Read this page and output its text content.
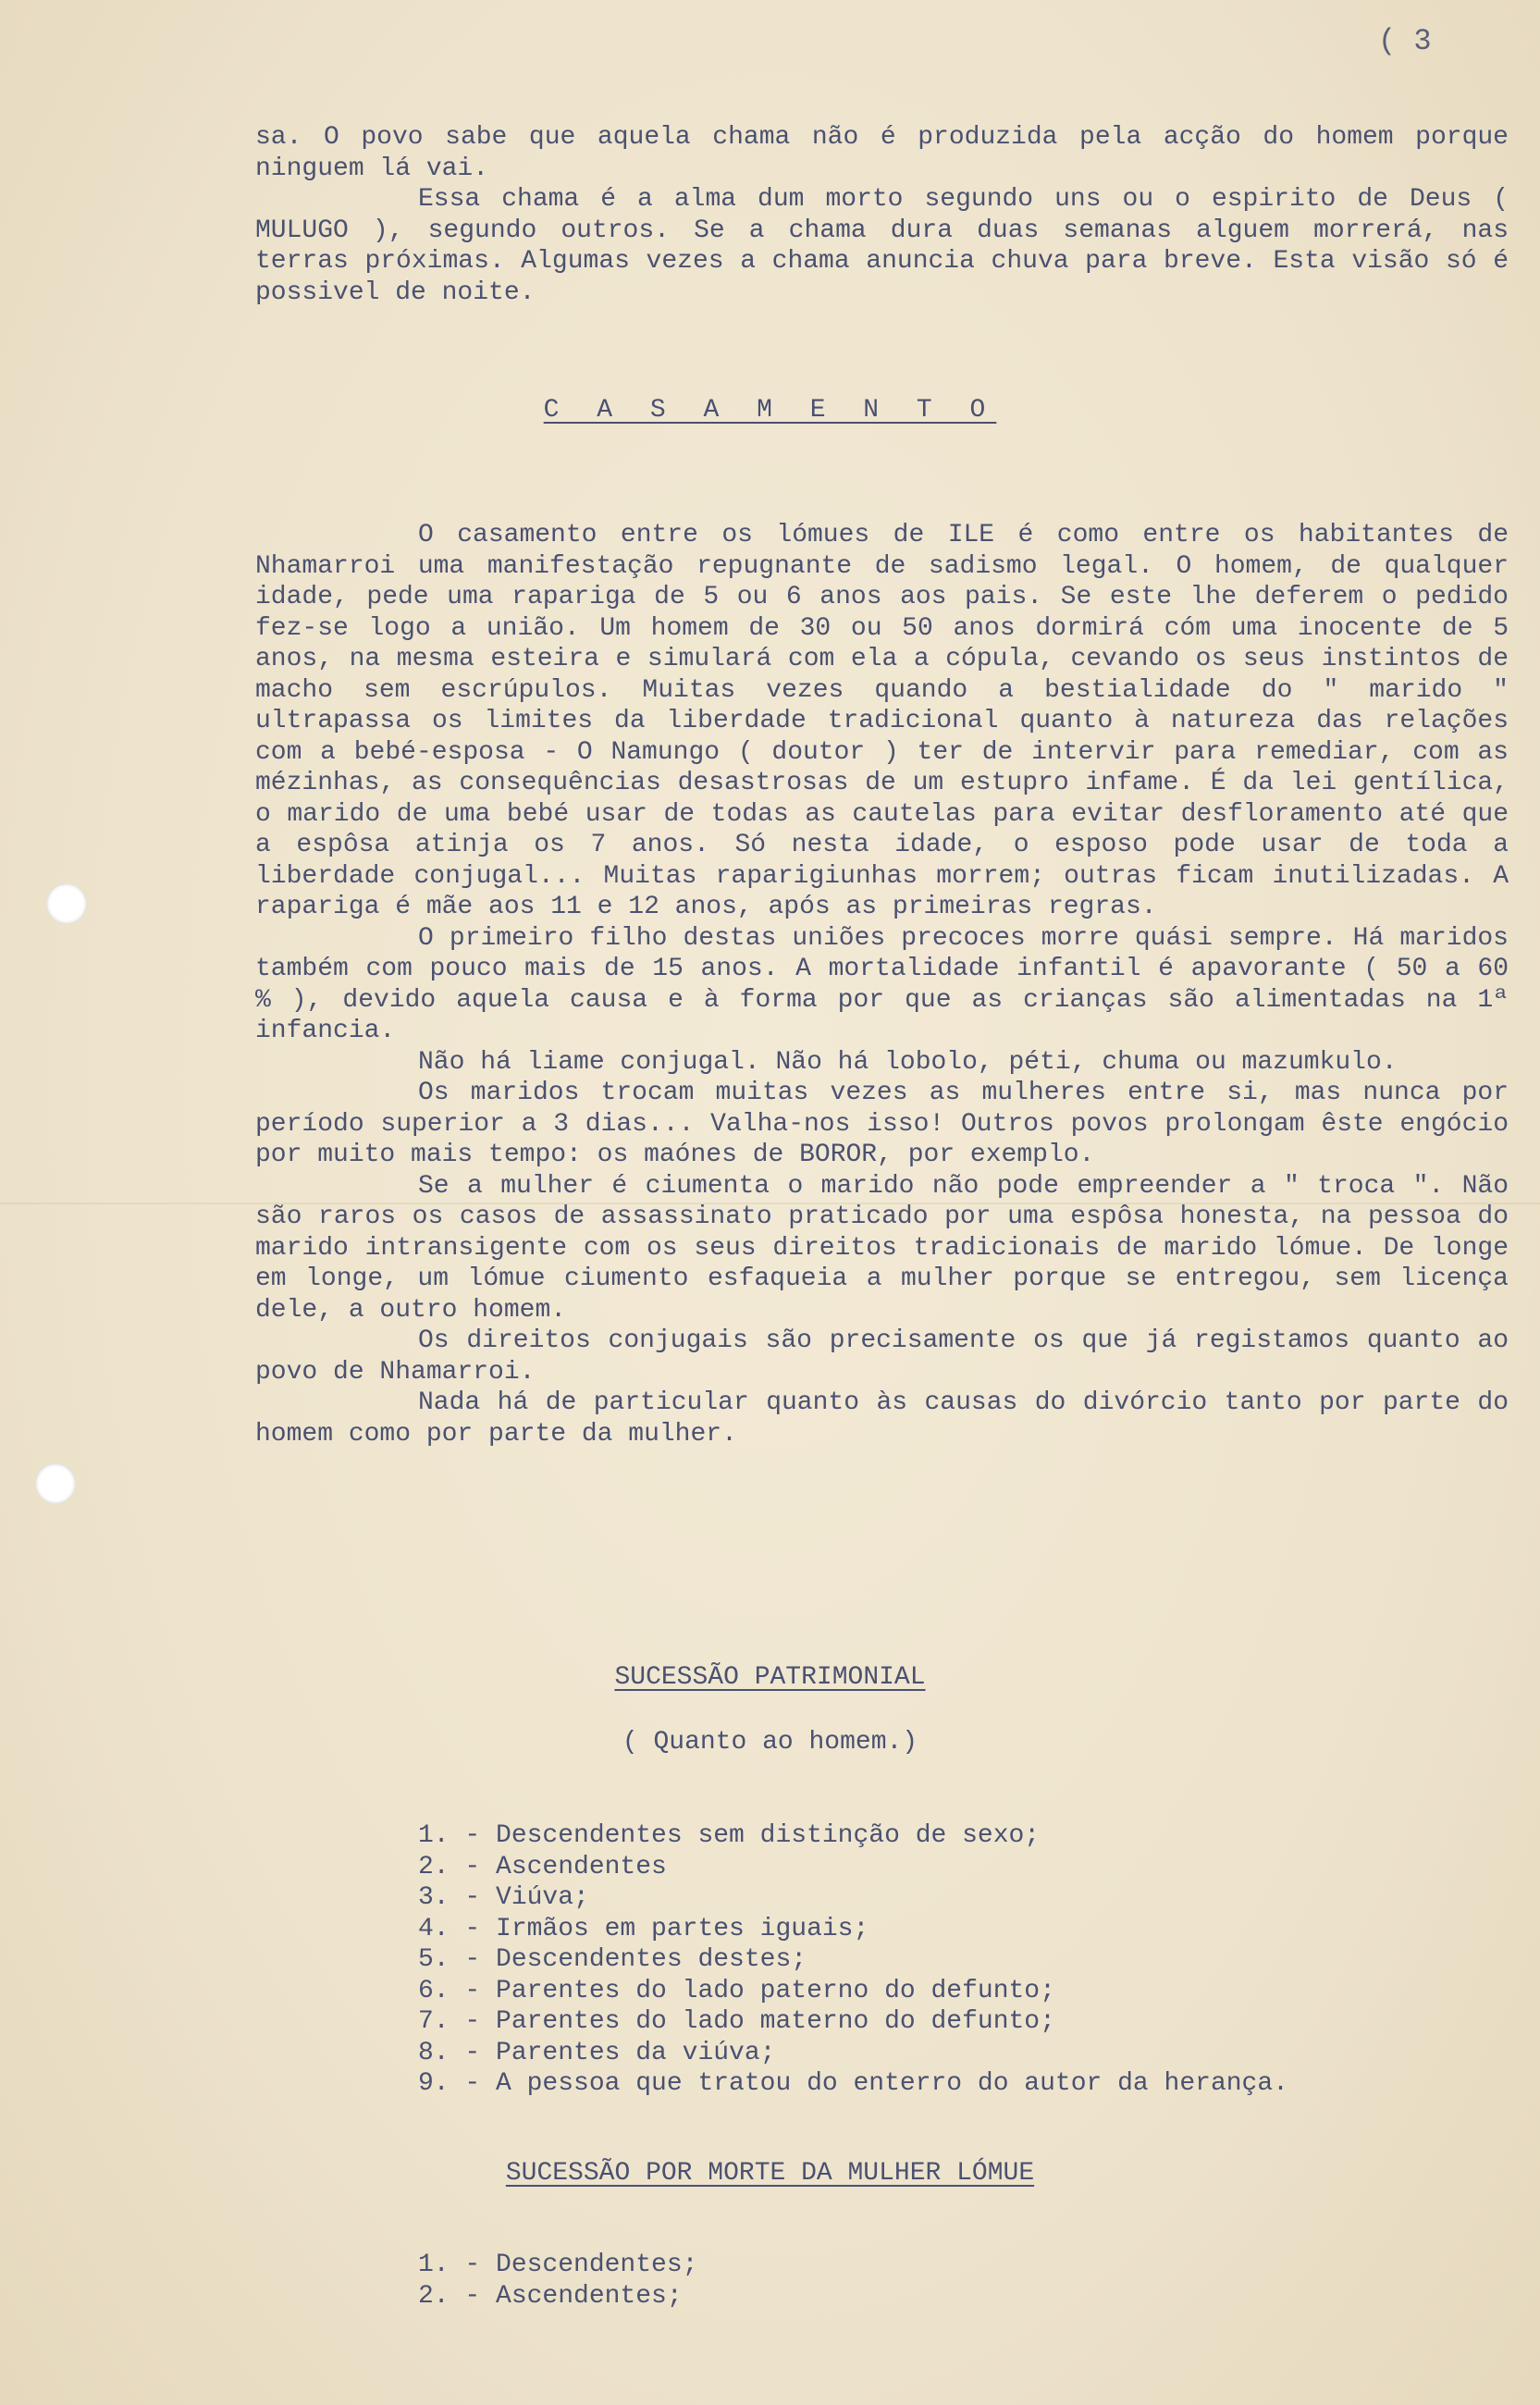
( 3

sa. O povo sabe que aquela chama não é produzida pela acção do homem porque ninguem lá vai.

Essa chama é a alma dum morto segundo uns ou o espirito de Deus ( MULUGO ), segundo outros. Se a chama dura duas semanas alguem morrerá, nas terras próximas. Algumas vezes a chama anuncia chuva para breve. Esta visão só é possivel de noite.

C A S A M E N T O

O casamento entre os lómues de ILE é como entre os habitantes de Nhamarroi uma manifestação repugnante de sadismo legal. O homem, de qualquer idade, pede uma rapariga de 5 ou 6 anos aos pais. Se este lhe deferem o pedido fez-se logo a união. Um homem de 30 ou 50 anos dormirá cóm uma inocente de 5 anos, na mesma esteira e simulará com ela a cópula, cevando os seus instintos de macho sem escrúpulos. Muitas vezes quando a bestialidade do " marido " ultrapassa os limites da liberdade tradicional quanto à natureza das relações com a bebé-esposa - O Namungo ( doutor ) ter de intervir para remediar, com as mézinhas, as consequências desastrosas de um estupro infame. É da lei gentílica, o marido de uma bebé usar de todas as cautelas para evitar desfloramento até que a espôsa atinja os 7 anos. Só nesta idade, o esposo pode usar de toda a liberdade conjugal... Muitas raparigiunhas morrem; outras ficam inutilizadas. A rapariga é mãe aos 11 e 12 anos, após as primeiras regras.

O primeiro filho destas uniões precoces morre quási sempre. Há maridos também com pouco mais de 15 anos. A mortalidade infantil é apavorante ( 50 a 60 % ), devido aquela causa e à forma por que as crianças são alimentadas na 1ª infancia.

Não há liame conjugal. Não há lobolo, péti, chuma ou mazumkulo.

Os maridos trocam muitas vezes as mulheres entre si, mas nunca por período superior a 3 dias... Valha-nos isso! Outros povos prolongam êste engócio por muito mais tempo: os maónes de BOROR, por exemplo.

Se a mulher é ciumenta o marido não pode empreender a " troca ". Não são raros os casos de assassinato praticado por uma espôsa honesta, na pessoa do marido intransigente com os seus direitos tradicionais de marido lómue. De longe em longe, um lómue ciumento esfaqueia a mulher porque se entregou, sem licença dele, a outro homem.

Os direitos conjugais são precisamente os que já registamos quanto ao povo de Nhamarroi.

Nada há de particular quanto às causas do divórcio tanto por parte do homem como por parte da mulher.

SUCESSÃO PATRIMONIAL
( Quanto ao homem.)
1. - Descendentes sem distinção de sexo;
2. - Ascendentes
3. - Viúva;
4. - Irmãos em partes iguais;
5. - Descendentes destes;
6. - Parentes do lado paterno do defunto;
7. - Parentes do lado materno do defunto;
8. - Parentes da viúva;
9. - A pessoa que tratou do enterro do autor da herança.
SUCESSÃO POR MORTE DA MULHER LÓMUE
1. - Descendentes;
2. - Ascendentes;
